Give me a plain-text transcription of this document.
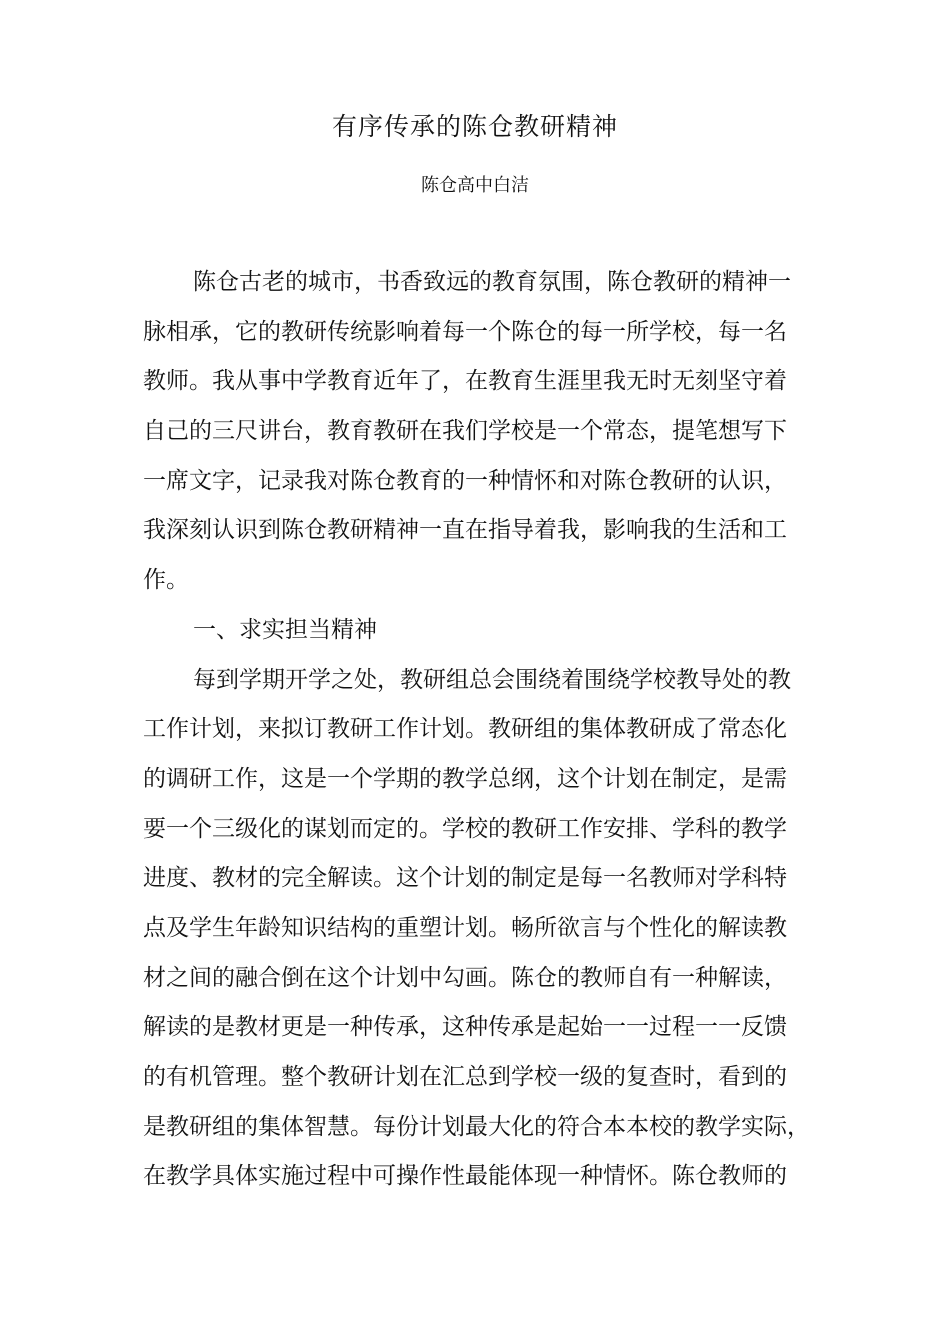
有序传承的陈仓教研精神
陈仓高中白洁
陈仓古老的城市，书香致远的教育氛围，陈仓教研的精神一
脉相承，它的教研传统影响着每一个陈仓的每一所学校，每一名
教师。我从事中学教育近年了，在教育生涯里我无时无刻坚守着
自己的三尺讲台，教育教研在我们学校是一个常态，提笔想写下
一席文字，记录我对陈仓教育的一种情怀和对陈仓教研的认识，
我深刻认识到陈仓教研精神一直在指导着我，影响我的生活和工
作。
一、求实担当精神
每到学期开学之处，教研组总会围绕着围绕学校教导处的教
工作计划，来拟订教研工作计划。教研组的集体教研成了常态化
的调研工作，这是一个学期的教学总纲，这个计划在制定，是需
要一个三级化的谋划而定的。学校的教研工作安排、学科的教学
进度、教材的完全解读。这个计划的制定是每一名教师对学科特
点及学生年龄知识结构的重塑计划。畅所欲言与个性化的解读教
材之间的融合倒在这个计划中勾画。陈仓的教师自有一种解读，
解读的是教材更是一种传承，这种传承是起始一一过程一一反馈
的有机管理。整个教研计划在汇总到学校一级的复查时，看到的
是教研组的集体智慧。每份计划最大化的符合本本校的教学实际，
在教学具体实施过程中可操作性最能体现一种情怀。陈仓教师的
